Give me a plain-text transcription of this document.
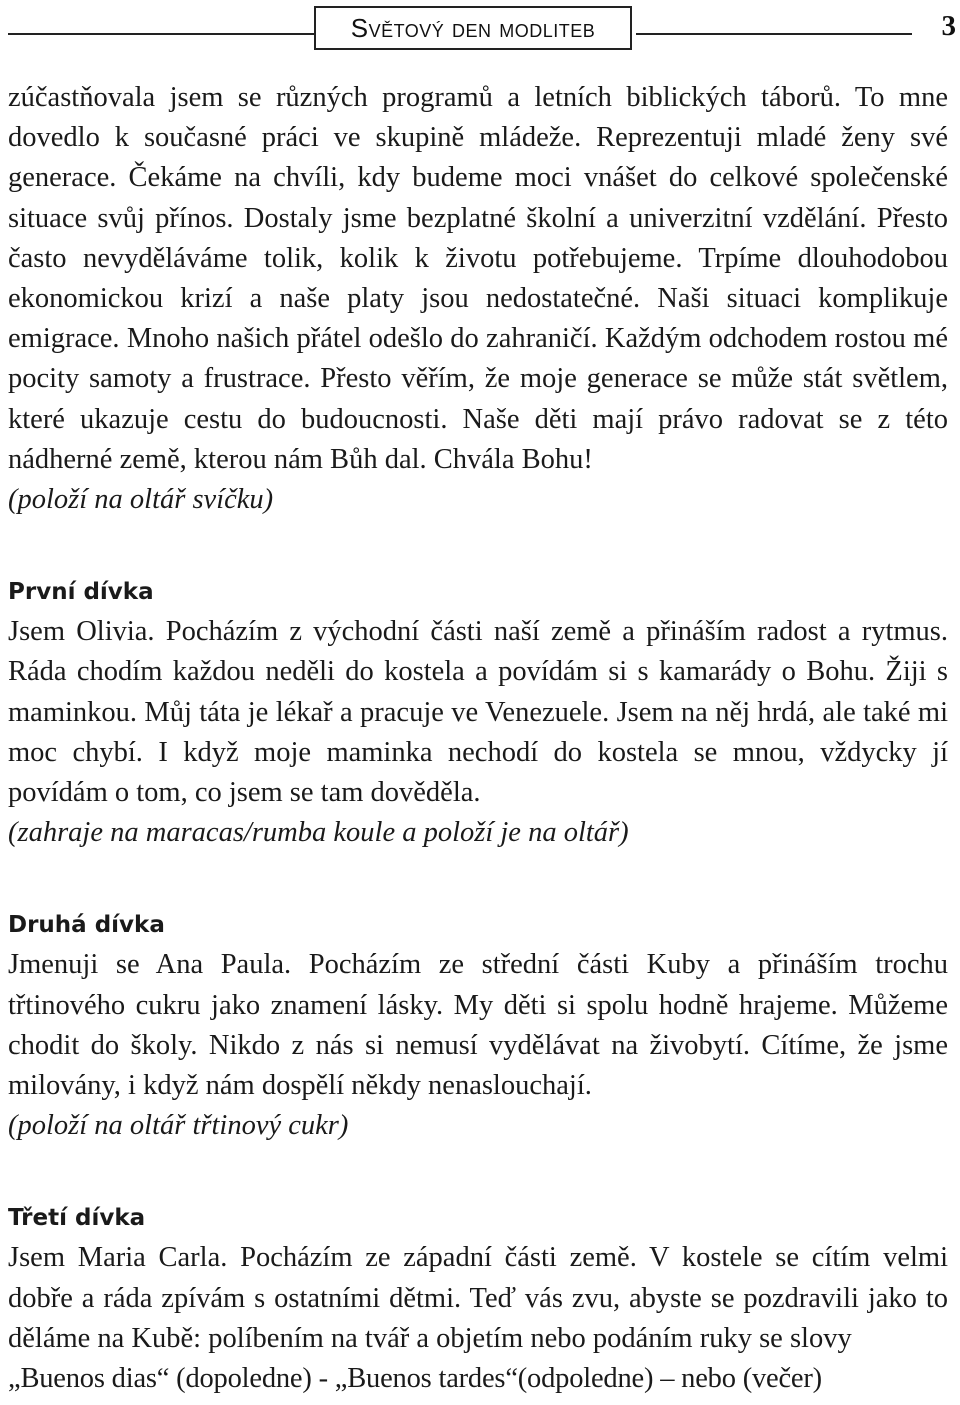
Světový den modliteb	3

zúčastňovala jsem se různých programů a letních biblických táborů. To mne dovedlo k současné práci ve skupině mládeže. Reprezentuji mladé ženy své generace. Čekáme na chvíli, kdy budeme moci vnášet do celkové společenské situace svůj přínos. Dostaly jsme bezplatné školní a univerzitní vzdělání. Přesto často nevyděláváme tolik, kolik k životu potřebujeme. Trpíme dlouhodobou ekonomickou krizí a naše platy jsou nedostatečné. Naši situaci komplikuje emigrace. Mnoho našich přátel odešlo do zahraničí. Každým odchodem rostou mé pocity samoty a frustrace. Přesto věřím, že moje generace se může stát světlem, které ukazuje cestu do budoucnosti. Naše děti mají právo radovat se z této nádherné země, kterou nám Bůh dal. Chvála Bohu!

(položí na oltář svíčku)

První dívka

Jsem Olivia. Pocházím z východní části naší země a přináším radost a rytmus. Ráda chodím každou neděli do kostela a povídám si s kamarády o Bohu. Žiji s maminkou. Můj táta je lékař a pracuje ve Venezuele. Jsem na něj hrdá, ale také mi moc chybí. I když moje maminka nechodí do kostela se mnou, vždycky jí povídám o tom, co jsem se tam dověděla.

(zahraje na maracas/rumba koule a položí je na oltář)

Druhá dívka

Jmenuji se Ana Paula. Pocházím ze střední části Kuby a přináším trochu třtinového cukru jako znamení lásky. My děti si spolu hodně hrajeme. Můžeme chodit do školy. Nikdo z nás si nemusí vydělávat na živobytí. Cítíme, že jsme milovány, i když nám dospělí někdy nenaslouchají.

(položí na oltář třtinový cukr)

Třetí dívka

Jsem Maria Carla. Pocházím ze západní části země. V kostele se cítím velmi dobře a ráda zpívám s ostatními dětmi. Teď vás zvu, abyste se pozdravili jako to děláme na Kubě: políbením na tvář a objetím nebo podáním ruky se slovy

„Buenos dias“ (dopoledne) - „Buenos tardes“(odpoledne) – nebo (večer)
